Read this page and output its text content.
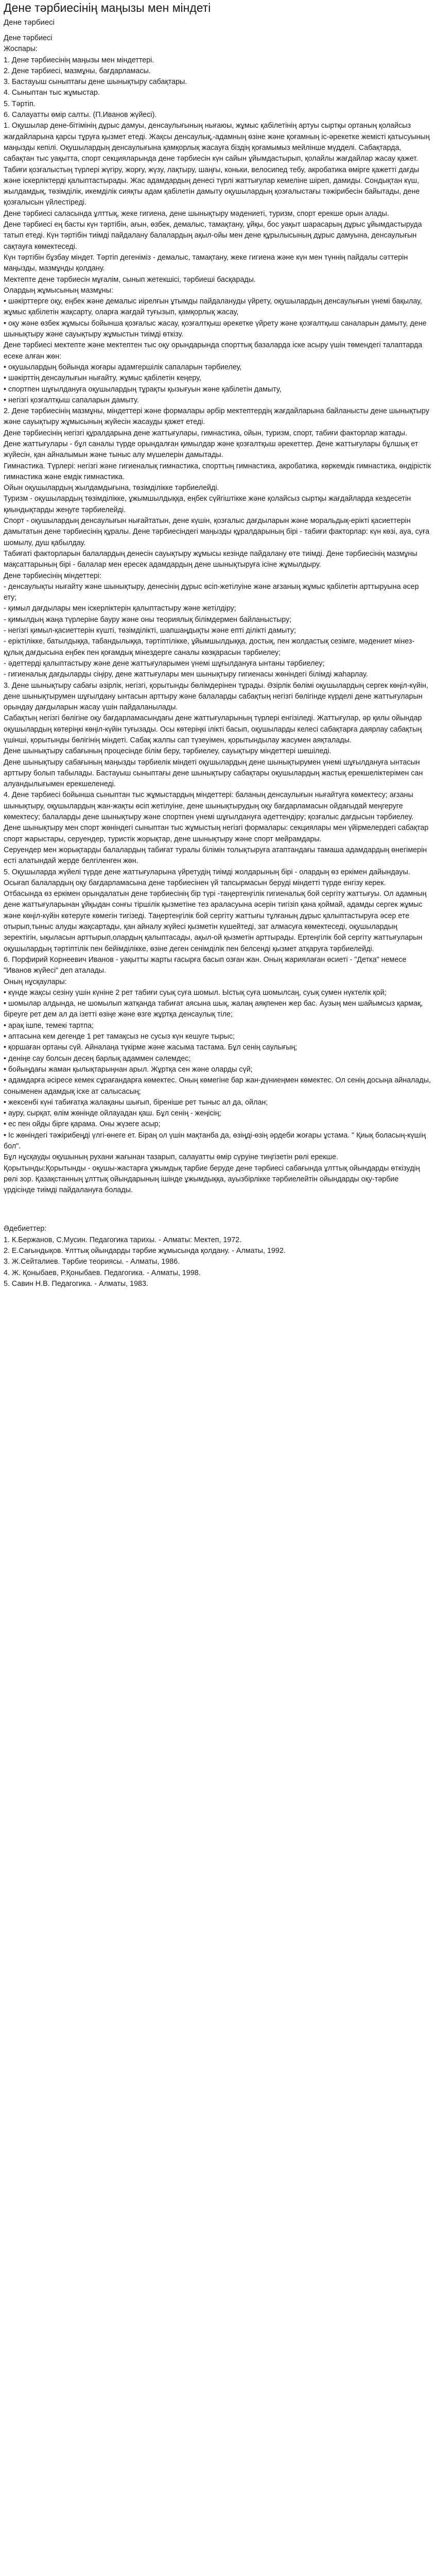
Дене тәрбиесінің маңызы мен міндеті
Дене тәрбиесі
Дене тәрбиесі
Жоспары:
1. Дене тәрбиесінің маңызы мен міндеттері.
2. Дене тәрбиесі, мазмұны, бағдарламасы.
3. Бастауыш сыныптағы дене шынықтыру сабақтары.
4. Сыныптан тыс жұмыстар.
5. Тәртіп.
6. Салауатты өмір салты. (П.Иванов жүйесі).
1. Оқушылар дене-бітімінің дұрыс дамуы, денсаулығының нығаюы, жұмыс қабілетінің артуы сыртқы ортаның қолайсыз жағдайларына қарсы тұруға қызмет етеді. Жақсы денсаулық,-адамның өзіне және қоғамның іс-әрекетке жемісті қатысуының маңызды кепілі. Оқушылардың денсаулығына қамқорлық жасауға біздің қоғамымыз мейлінше мүдделі. Сабақтарда, сабақтан тыс уақытта, спорт секцияларында дене тәрбиесін күн сайын ұйымдастырып, қолайлы жағдайлар жасау қажет.
Табиғи қозғалыстың түрлері жүгіру, жорғу, жүзу, лақтыру, шаңғы, коньки, велосипед тебу, акробатика өмірге қажетті дағды және іскерліктерді қалыптастырады. Жас адамдардың денесі түрлі жаттығулар кемеліне шіреп, дамиды. Сондықтан күш, жылдамдық, төзімділік, икемділік сияқты адам қабілетін дамыту оқушылардың қозғалыстағы тәжірибесін байытады, дене қозғалысын үйлестіреді.
Дене тәрбиесі саласында ұлттық, жеке гигиена, дене шынықтыру мәдениеті, туризм, спорт ерекше орын алады.
Дене тәрбиесі ең басты күн тәртібін, ағын, өзбек, демалыс, тамақтану, ұйқы, бос уақыт шарасарың дұрыс ұйымдастыруда татып етеді. Күн тәртібін тиімді пайдалану балалардың ақыл-ойы мен дене құрылысының дұрыс дамуына, денсаулығын сақтауға көмектеседі.
Күн тәртібін бұзбау міндет. Тәртіп дегеніміз - демалыс, тамақтану, жеке гигиена және күн мен түннің пайдалы сәттерін маңызды, мазмұнды қолдану.
Мектепте дене тәрбиесін мұғалім, сынып жетекшісі, тәрбиеші басқарады.
Олардың жұмысының мазмұны:
• шәкірттерге оқу, еңбек және демалыс иірелғын ұтымды пайдалануды үйрету, оқушылардың денсаулығын үнемі бақылау, жұмыс қабілетін жақсарту, оларға жағдай туғызып, қамқорлық жасау,
• оқу және өзбек жұмысы бойынша қозғалыс жасау, қозғалтқыш әрекетке үйрету және қозғалтқыш саналарын дамыту, дене шынықтыру және сауықтыру жұмыстын тиімді өткізу.
Дене тәрбиесі мектепте және мектептен тыс оқу орындарында спорттық базаларда іске асыру үшін төмендегі талаптарда есеке алған жөн:
• оқушылардың бойында жоғары адамгершілік сапаларын тәрбиелеу,
• шәкірттің денсаулығын нығайту, жұмыс қабілетін кеңеру,
• спортпен шұғылдануға оқушылардың тұрақты қызығуын және қабілетін дамыту,
• негізгі қозғалтқыш сапаларын дамыту.
2. Дене тәрбиесінің мазмұны, міндеттері және формалары әрбір мектептердің жағдайларына байланысты дене шынықтыру және сауықтыру жұмысының жүйесін жасауды қажет етеді.
Дене тәрбиесінің негізгі құралдарына дене жаттығулары, гимнастика, ойын, туризм, спорт, табиғи факторлар жатады.
Дене жаттығулары - бұл саналы түрде орындалған қимылдар және қозғалтқыш әрекеттер. Дене жаттығулары бұлшық ет жүйесін, қан айналымын және тыныс алу мүшелерін дамытады.
Гимнастика. Түрлері: негізгі және гигиеналық гимнастика, спорттың гимнастика, акробатика, көркемдік гимнастика, өндірістік гимнастика және емдік гимнастика.
Ойын оқушылардың жылдамдығына, төзімділікке тәрбиелейді.
Туризм - оқушылардың төзімділікке, ұжымшылдыққа, еңбек сүйгіштікке және қолайсыз сыртқы жағдайларда кездесетін қиындықтарды жеңуге тәрбиелейді.
Спорт - оқушылардың денсаулығын нығайтатын, дене күшін, қозғалыс дағдыларын және моральдық-ерікті қасиеттерін дамытатын дене тәрбиесінің құралы. Дене тәрбиесіндегі маңызды құралдарының бірі - табиғи факторлар: күн көзі, ауа, суға шомылу, душ қабылдау.
Табиғаті факторларын балалардың денесін сауықтыру жұмысы кезінде пайдалану өте тиімді. Дене тәрбиесінің мазмұны мақсаттарының бірі - балалар мен ересек адамдардың дене шынықтыруға ісіне жұмылдыру.
Дене тәрбиесінің міндеттері:
- денсаулықты нығайту және шынықтыру, денесінің дұрыс өсіп-жетілуіне және ағзаның жұмыс қабілетін арттыруына әсер ету;
- қимыл дағдылары мен іскерліктерін қалыптастыру және жетілдіру;
- қимылдың жаңа түрлеріне бауру және оны теориялық білімдермен байланыстыру;
- негізгі қимыл-қасиеттерін күшті, төзімділікті, шапшаңдықты және епті ділікті дамыту;
- еріктілікке, батылдыққа, табандылыққа, тәртіптілікке, ұйымшылдыққа, достық, пен жолдастық сезімге, мәдениет мінез-құлық дағдысына еңбек пен қоғамдық мінездерге саналы көзқарасын тәрбиелеу;
- әдеттерді қалыптастыру және дене жаттығуларымен үнемі шұғылдануға ынтаны тәрбиелеу;
- гигиеналық дағдыларды сіңіру, дене жаттығулары мен шынықтыру гигиенасы жөніндегі білімді жаһарлау.
3. Дене шынықтыру сабағы әзірлік, негізгі, қорытынды бөлімдерінен тұрады. Әзірлік бөлімі оқушылардың сергек көңіл-күйін, дене шынықтырумен шұғылдану ынтасын арттыру және балаларды сабақтың негізгі бөлігінде күрделі дене жаттығуларын орындау дағдыларын жасау үшін пайдаланылады.
Сабақтың негізгі бөлігіне оқу бағдарламасындағы дене жаттығуларының түрлері енгізіледі. Жаттығулар, әр қилы ойындар оқушылардың көтеріңкі көңіл-күйін туғызады. Осы көтеріңкі ілікті басып, оқушыларды келесі сабақтарға даярлау сабақтың үшінші, қорытынды бөлігінің міндеті. Сабақ жалпы сап түзеуімен, қорытындылау жасумен аяқталады.
Дене шынықтыру сабағының процесінде білім беру, тәрбиелеу, сауықтыру міндеттері шешіледі.
Дене шынықтыру сабағының маңызды тәрбиелік міндеті оқушылардың дене шынықтырумен үнемі шұғылдануға ынтасын арттыру болып табылады. Бастауыш сыныптағы дене шынықтыру сабақтары оқушылардың жастық ерекшеліктерімен сан алуандылығымен ерекшеленеді.
4. Дене тәрбиесі бойынша сыныптан тыс жұмыстардың міндеттері: баланың денсаулығын нығайтуға көмектесу; ағзаны шынықтыру, оқушылардың жан-жақты өсіп жетілуіне, дене шынықтырудың оқу бағдарламасын ойдағыдай меңгеруге көмектесу; балаларды дене шынықтыру және спортпен үнемі шұғылдануға әдеттендіру; қозғалыс дағдысын тәрбиелеу.
Дене шынықтыру мен спорт жөніндегі сыныптан тыс жұмыстың негізгі формалары: секциялары мен үйірмелердегі сабақтар спорт жарыстары, серуендер, туристік жорықтар, дене шынықтыру және спорт мейрамдары.
Серуендер мен жорықтарды балалардың табиғат туралы білімін толықтыруға атаптандағы тамаша адамдардың өнегімерін есті алатындай жерде белгіленген жөн.
5. Оқушыларда жүйелі түрде дене жаттығуларына үйретудің тиімді жолдарының бірі - олардың өз еркімен дайындауы. Осығап балалардың оқу бағдарламасына дене тәрбиесінен үй тапсырмасын беруді міндетті түрде енгізу керек.
Отбасында өз еркімен орындалатын дене тәрбиесінің бір түрі -таңертеңгілік гигиеналық бой сергіту жаттығуы. Ол адамның дене жаттығуларынан ұйқыдан сонғы тіршілік қызметіне тез араласуына әсерін тигізіп қана қоймай, адамды сергек жұмыс және көңіл-күйін көтеруге көмегін тигізеді. Таңертеңгілік бой сергіту жаттығы тұлғаның дұрыс қалыптастыруға әсер ете отырып,тыныс алуды жақсартады, қан айналу жүйесі қызметін күшейтеді, зат алмасуға көмектеседі, оқушылардың зеректігін, ықыласын арттырып,олардың қалыптасады, ақыл-ой қызметін арттырады. Ертеңгілік бой сергіту жаттығуларын оқушылардың тәртіптілік пен бейімділікке, өзіне деген сенімділік пен белсенді қызмет атқаруға тәрбиелейді.
6. Порфирий Корнеевич Иванов - уақытты жарты ғасырға басып озған жан. Оның жариялаған өсиеті - "Детка" немесе "Иванов жүйесі" деп аталады.
Оның нұсқаулары:
• күнде жақсы сезіну үшін күніне 2 рет табиғи суық суға шомыл. Ыстық суға шомылсаң, суық сумен нүктелік қой;
• шомылар алдында, не шомылып жатқанда табиғат аясына шық, жалаң аяқпенен жер бас. Аузың мен шайымсыз қармақ, біреуге рет дем ал да ізетті өзіңе және өзге жұртқа денсаулық тіле;
• арақ ішпе, темекі тартпа;
• аптасына кем дегенде 1 рет тамақсыз не сусыз күн кешуге тырыс;
• қоршаған ортаны сүй. Айналаңа түкірме және жасыма тастама. Бұл сенің саулығың;
• деніңе сау болсын десең барлық адаммен сәлемдес;
• бойыңдағы жаман қылықтарыңнан арыл. Жұртқа сен және оларды сүй;
• адамдарға әсіресе кемек сұрағандарға көмектес. Оның көмегіне бар жан-дүниеңмен көмектес. Ол сенің досыңа айналады, соныменен адамдық іске ат салысасың;
• жексенбі күні табиғатқа жалақаны шығып, біреніше рет тыныс ал да, ойлан;
• ауру, сырқат, өлім жөнінде ойлауадан қаш. Бұл сенің - жеңісің;
• ес пен ойды бірге қарама. Оны жүзеге асыр;
• Іс жөніндегі тәжірибеңді үлгі-өнеге ет. Біраң ол үшін мақтанба да, өзіңді-өзің әрдеби жоғары ұстама. " Қиық боласың-күшің бол".
Бұл нұсқауды оқушының рухани жағынан тазарып, салауатты өмір сүруіне тиңгізетін рөлі ерекше.
Қорытынды:Қорытынды - оқушы-жастарға ұжымдық тарбие беруде дене тәрбиесі сабағында ұлттық ойындарды өткізудің рөлі зор. Қазақстанның ұлттық ойындарының ішінде ұжымдыққа, ауызбірлікке тәрбиелейтін ойындарды оқу-тәрбие үрдісінде тиімді пайдалануға болады.
Әдебиеттер:
1. К.Бержанов, С.Мусин. Педагогика тарихы. - Алматы: Мектеп, 1972.
2. Е.Сағындықов. Ұлттық ойындарды тәрбие жұмысында қолдану. - Алматы, 1992.
3. Ж.Сейталиев. Тәрбие теориясы. - Алматы, 1986.
4. Ж. Қоныбаев, Р.Қоныбаев. Педагогика. - Алматы, 1998.
5. Савин Н.В. Педагогика. - Алматы, 1983.
